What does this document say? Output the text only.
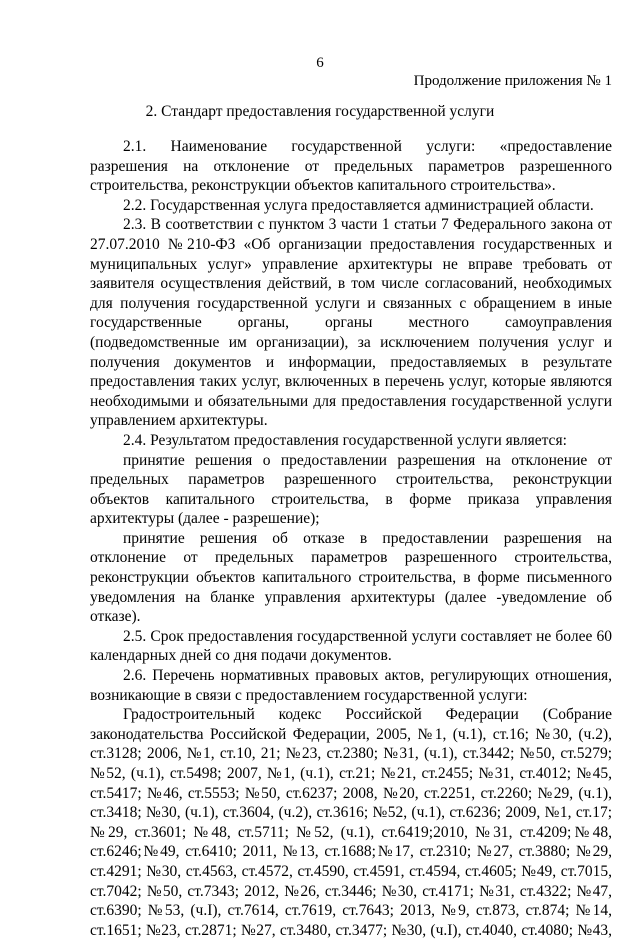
6
Продолжение приложения № 1
2. Стандарт предоставления государственной услуги

2.1. Наименование государственной услуги: «предоставление разрешения на отклонение от предельных параметров разрешенного строительства, реконструкции объектов капитального строительства».

2.2. Государственная услуга предоставляется администрацией области.

2.3. В соответствии с пунктом 3 части 1 статьи 7 Федерального закона от 27.07.2010 №210-ФЗ «Об организации предоставления государственных и муниципальных услуг» управление архитектуры не вправе требовать от заявителя осуществления действий, в том числе согласований, необходимых для получения государственной услуги и связанных с обращением в иные государственные органы, органы местного самоуправления (подведомственные им организации), за исключением получения услуг и получения документов и информации, предоставляемых в результате предоставления таких услуг, включенных в перечень услуг, которые являются необходимыми и обязательными для предоставления государственной услуги управлением архитектуры.

2.4. Результатом предоставления государственной услуги является:

принятие решения о предоставлении разрешения на отклонение от предельных параметров разрешенного строительства, реконструкции объектов капитального строительства, в форме приказа управления архитектуры (далее - разрешение);

принятие решения об отказе в предоставлении разрешения на отклонение от предельных параметров разрешенного строительства, реконструкции объектов капитального строительства, в форме письменного уведомления на бланке управления архитектуры (далее -уведомление об отказе).

2.5. Срок предоставления государственной услуги составляет не более 60 календарных дней со дня подачи документов.

2.6. Перечень нормативных правовых актов, регулирующих отношения, возникающие в связи с предоставлением государственной услуги:

Градостроительный кодекс Российской Федерации (Собрание законодательства Российской Федерации, 2005, №1, (ч.1), ст.16; №30, (ч.2), ст.3128; 2006, №1, ст.10, 21; №23, ст.2380; №31, (ч.1), ст.3442; №50, ст.5279; №52, (ч.1), ст.5498; 2007, №1, (ч.1), ст.21; №21, ст.2455; №31, ст.4012; №45, ст.5417; №46, ст.5553; №50, ст.6237; 2008, №20, ст.2251, ст.2260; №29, (ч.1), ст.3418; №30, (ч.1), ст.3604, (ч.2), ст.3616; №52, (ч.1), ст.6236; 2009, №1, ст.17; №29, ст.3601; №48, ст.5711; №52, (ч.1), ст.6419;2010, №31, ст.4209;№48, ст.6246;№49, ст.6410; 2011, №13, ст.1688;№17, ст.2310; №27, ст.3880; №29, ст.4291; №30, ст.4563, ст.4572, ст.4590, ст.4591, ст.4594, ст.4605; №49, ст.7015, ст.7042; №50, ст.7343; 2012, №26, ст.3446; №30, ст.4171; №31, ст.4322; №47, ст.6390; №53, (ч.I), ст.7614, ст.7619, ст.7643; 2013, №9, ст.873, ст.874; №14, ст.1651; №23, ст.2871; №27, ст.3480, ст.3477; №30, (ч.I), ст.4040, ст.4080; №43,
